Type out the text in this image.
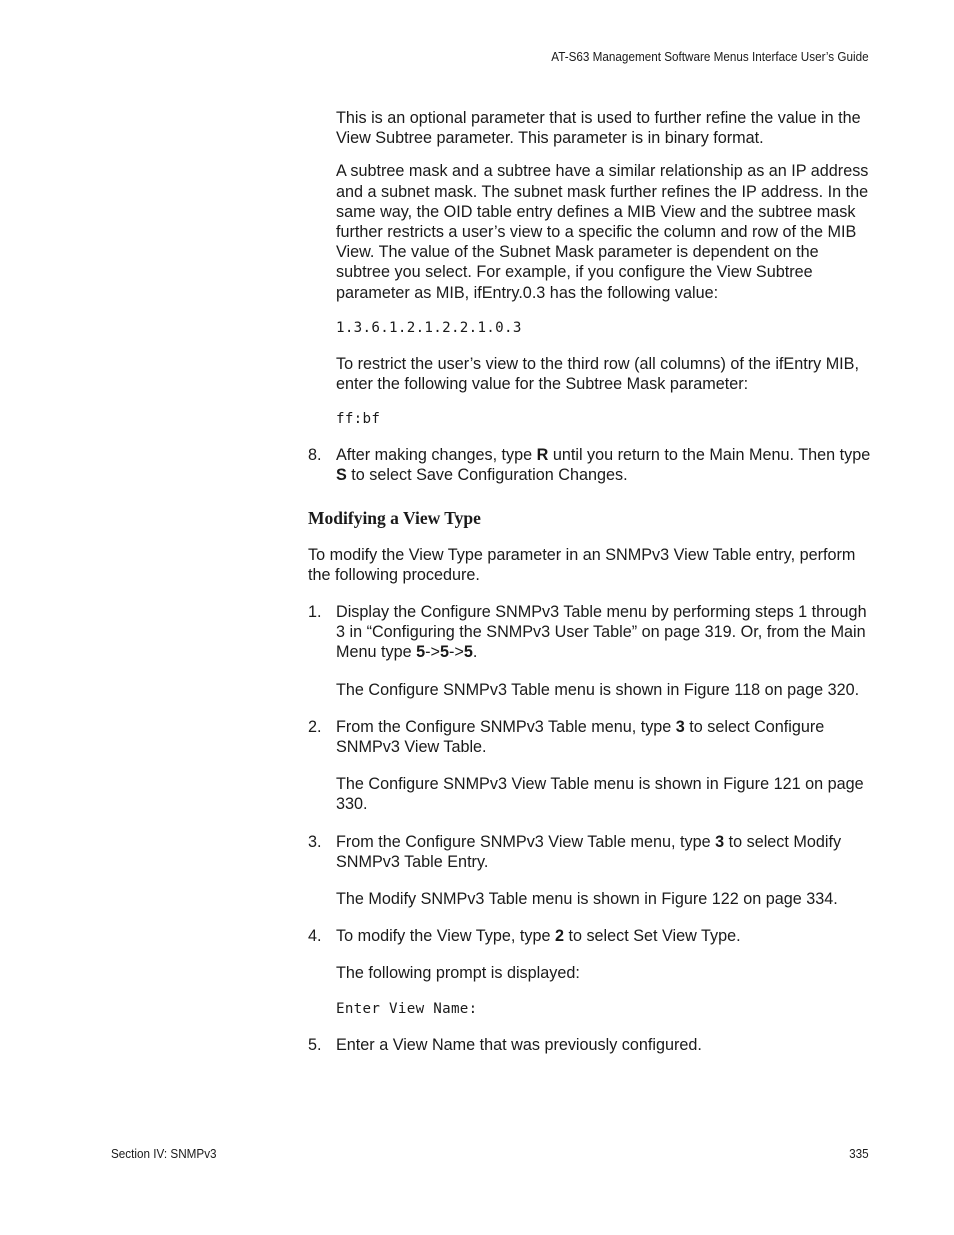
AT-S63 Management Software Menus Interface User’s Guide

This is an optional parameter that is used to further refine the value in the View Subtree parameter. This parameter is in binary format.

A subtree mask and a subtree have a similar relationship as an IP address and a subnet mask. The subnet mask further refines the IP address. In the same way, the OID table entry defines a MIB View and the subtree mask further restricts a user’s view to a specific the column and row of the MIB View. The value of the Subnet Mask parameter is dependent on the subtree you select. For example, if you configure the View Subtree parameter as MIB, ifEntry.0.3 has the following value:

1.3.6.1.2.1.2.2.1.0.3

To restrict the user’s view to the third row (all columns) of the ifEntry MIB, enter the following value for the Subtree Mask parameter:

ff:bf

8. After making changes, type R until you return to the Main Menu. Then type S to select Save Configuration Changes.

Modifying a View Type

To modify the View Type parameter in an SNMPv3 View Table entry, perform the following procedure.

1. Display the Configure SNMPv3 Table menu by performing steps 1 through 3 in “Configuring the SNMPv3 User Table” on page 319. Or, from the Main Menu type 5->5->5.

The Configure SNMPv3 Table menu is shown in Figure 118 on page 320.

2. From the Configure SNMPv3 Table menu, type 3 to select Configure SNMPv3 View Table.

The Configure SNMPv3 View Table menu is shown in Figure 121 on page 330.

3. From the Configure SNMPv3 View Table menu, type 3 to select Modify SNMPv3 Table Entry.

The Modify SNMPv3 Table menu is shown in Figure 122 on page 334.

4. To modify the View Type, type 2 to select Set View Type.

The following prompt is displayed:

Enter View Name:

5. Enter a View Name that was previously configured.

Section IV: SNMPv3	335
